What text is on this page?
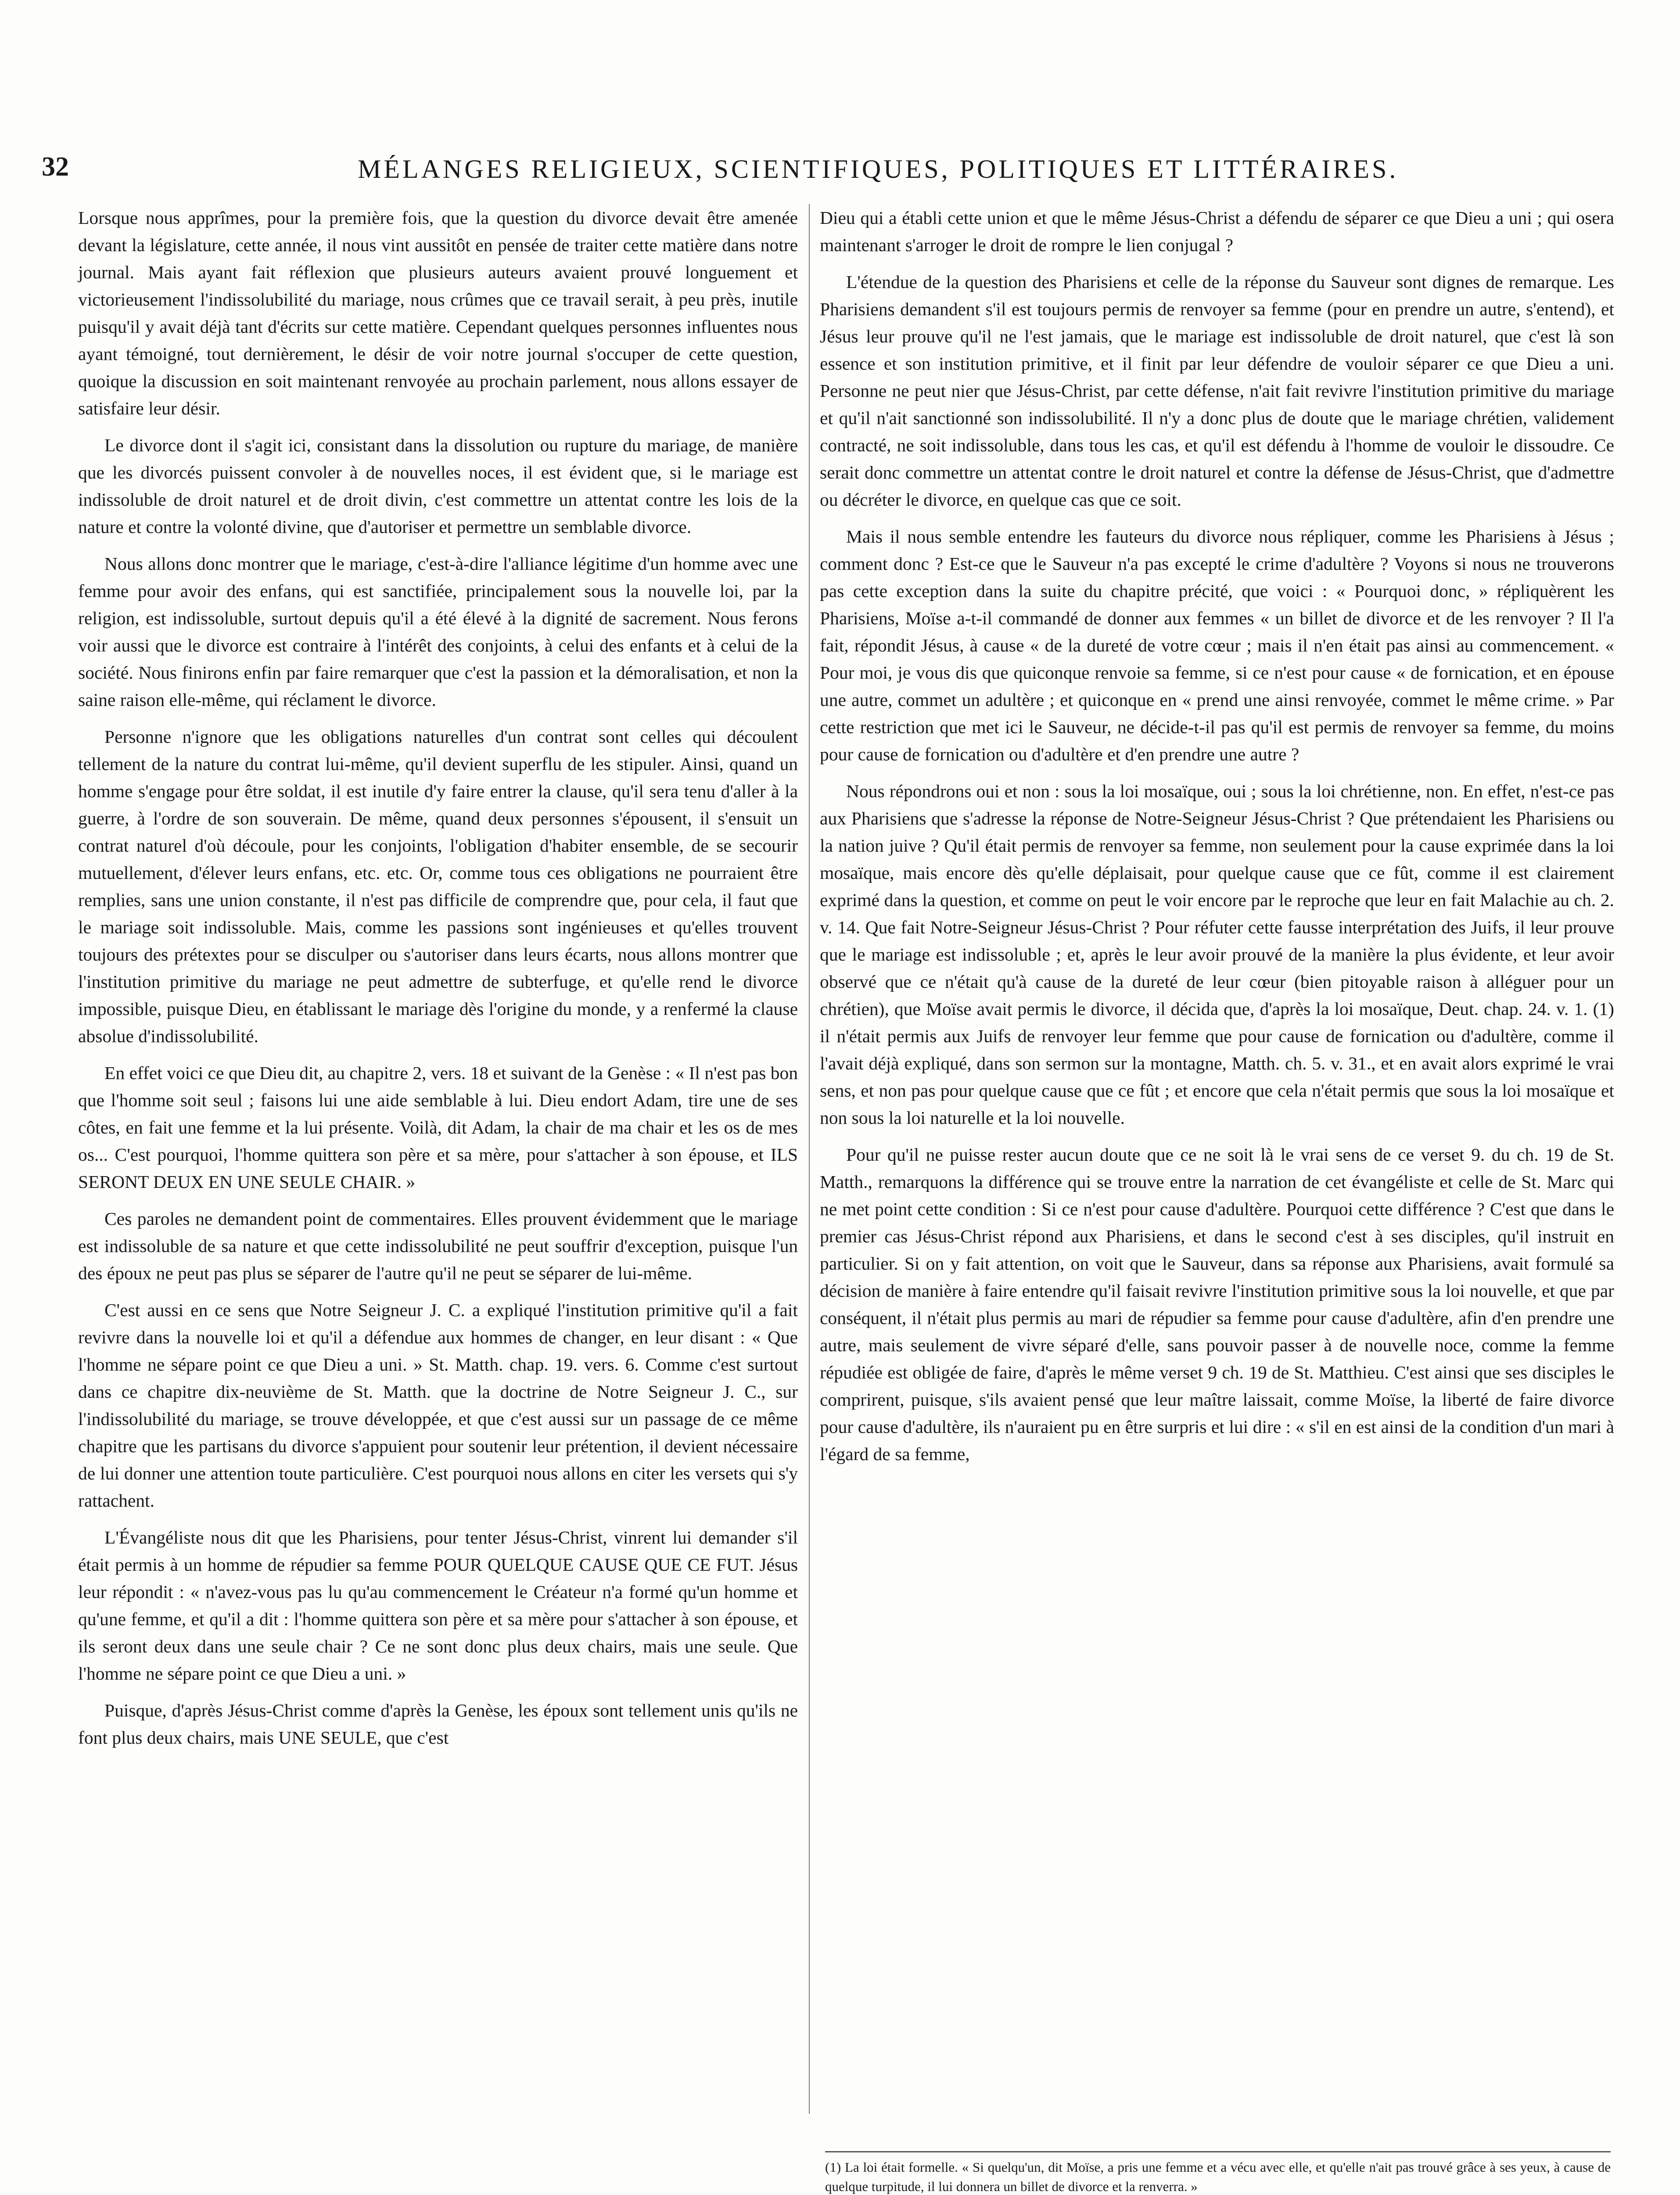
32	MÉLANGES RELIGIEUX, SCIENTIFIQUES, POLITIQUES ET LITTÉRAIRES.

Lorsque nous apprîmes, pour la première fois, que la question du divorce devait être amenée devant la législature, cette année, il nous vint aussitôt en pensée de traiter cette matière dans notre journal. Mais ayant fait réflexion que plusieurs auteurs avaient prouvé longuement et victorieusement l'indissolubilité du mariage, nous crûmes que ce travail serait, à peu près, inutile puisqu'il y avait déjà tant d'écrits sur cette matière. Cependant quelques personnes influentes nous ayant témoigné, tout dernièrement, le désir de voir notre journal s'occuper de cette question, quoique la discussion en soit maintenant renvoyée au prochain parlement, nous allons essayer de satisfaire leur désir.

Le divorce dont il s'agit ici, consistant dans la dissolution ou rupture du mariage, de manière que les divorcés puissent convoler à de nouvelles noces, il est évident que, si le mariage est indissoluble de droit naturel et de droit divin, c'est commettre un attentat contre les lois de la nature et contre la volonté divine, que d'autoriser et permettre un semblable divorce.

Nous allons donc montrer que le mariage, c'est-à-dire l'alliance légitime d'un homme avec une femme pour avoir des enfans, qui est sanctifiée, principalement sous la nouvelle loi, par la religion, est indissoluble, surtout depuis qu'il a été élevé à la dignité de sacrement. Nous ferons voir aussi que le divorce est contraire à l'intérêt des conjoints, à celui des enfants et à celui de la société. Nous finirons enfin par faire remarquer que c'est la passion et la démoralisation, et non la saine raison elle-même, qui réclament le divorce.

Personne n'ignore que les obligations naturelles d'un contrat sont celles qui découlent tellement de la nature du contrat lui-même, qu'il devient superflu de les stipuler. Ainsi, quand un homme s'engage pour être soldat, il est inutile d'y faire entrer la clause, qu'il sera tenu d'aller à la guerre, à l'ordre de son souverain. De même, quand deux personnes s'épousent, il s'ensuit un contrat naturel d'où découle, pour les conjoints, l'obligation d'habiter ensemble, de se secourir mutuellement, d'élever leurs enfans, etc. etc. Or, comme tous ces obligations ne pourraient être remplies, sans une union constante, il n'est pas difficile de comprendre que, pour cela, il faut que le mariage soit indissoluble. Mais, comme les passions sont ingénieuses et qu'elles trouvent toujours des prétextes pour se disculper ou s'autoriser dans leurs écarts, nous allons montrer que l'institution primitive du mariage ne peut admettre de subterfuge, et qu'elle rend le divorce impossible, puisque Dieu, en établissant le mariage dès l'origine du monde, y a renfermé la clause absolue d'indissolubilité.

En effet voici ce que Dieu dit, au chapitre 2, vers. 18 et suivant de la Genèse : « Il n'est pas bon que l'homme soit seul ; faisons lui une aide semblable à lui. Dieu endort Adam, tire une de ses côtes, en fait une femme et la lui présente. Voilà, dit Adam, la chair de ma chair et les os de mes os... C'est pourquoi, l'homme quittera son père et sa mère, pour s'attacher à son épouse, et ILS SERONT DEUX EN UNE SEULE CHAIR. »

Ces paroles ne demandent point de commentaires. Elles prouvent évidemment que le mariage est indissoluble de sa nature et que cette indissolubilité ne peut souffrir d'exception, puisque l'un des époux ne peut pas plus se séparer de l'autre qu'il ne peut se séparer de lui-même.

C'est aussi en ce sens que Notre Seigneur J. C. a expliqué l'institution primitive qu'il a fait revivre dans la nouvelle loi et qu'il a défendue aux hommes de changer, en leur disant : « Que l'homme ne sépare point ce que Dieu a uni. » St. Matth. chap. 19. vers. 6. Comme c'est surtout dans ce chapitre dix-neuvième de St. Matth. que la doctrine de Notre Seigneur J. C., sur l'indissolubilité du mariage, se trouve développée, et que c'est aussi sur un passage de ce même chapitre que les partisans du divorce s'appuient pour soutenir leur prétention, il devient nécessaire de lui donner une attention toute particulière. C'est pourquoi nous allons en citer les versets qui s'y rattachent.

L'Évangéliste nous dit que les Pharisiens, pour tenter Jésus-Christ, vinrent lui demander s'il était permis à un homme de répudier sa femme POUR QUELQUE CAUSE QUE CE FUT. Jésus leur répondit : « n'avez-vous pas lu qu'au commencement le Créateur n'a formé qu'un homme et qu'une femme, et qu'il a dit : l'homme quittera son père et sa mère pour s'attacher à son épouse, et ils seront deux dans une seule chair ? Ce ne sont donc plus deux chairs, mais une seule. Que l'homme ne sépare point ce que Dieu a uni. »

Puisque, d'après Jésus-Christ comme d'après la Genèse, les époux sont tellement unis qu'ils ne font plus deux chairs, mais UNE SEULE, que c'est

Dieu qui a établi cette union et que le même Jésus-Christ a défendu de séparer ce que Dieu a uni ; qui osera maintenant s'arroger le droit de rompre le lien conjugal ?

L'étendue de la question des Pharisiens et celle de la réponse du Sauveur sont dignes de remarque. Les Pharisiens demandent s'il est toujours permis de renvoyer sa femme (pour en prendre un autre, s'entend), et Jésus leur prouve qu'il ne l'est jamais, que le mariage est indissoluble de droit naturel, que c'est là son essence et son institution primitive, et il finit par leur défendre de vouloir séparer ce que Dieu a uni. Personne ne peut nier que Jésus-Christ, par cette défense, n'ait fait revivre l'institution primitive du mariage et qu'il n'ait sanctionné son indissolubilité. Il n'y a donc plus de doute que le mariage chrétien, validement contracté, ne soit indissoluble, dans tous les cas, et qu'il est défendu à l'homme de vouloir le dissoudre. Ce serait donc commettre un attentat contre le droit naturel et contre la défense de Jésus-Christ, que d'admettre ou décréter le divorce, en quelque cas que ce soit.

Mais il nous semble entendre les fauteurs du divorce nous répliquer, comme les Pharisiens à Jésus ; comment donc ? Est-ce que le Sauveur n'a pas excepté le crime d'adultère ? Voyons si nous ne trouverons pas cette exception dans la suite du chapitre précité, que voici : « Pourquoi donc, » répliquèrent les Pharisiens, Moïse a-t-il commandé de donner aux femmes « un billet de divorce et de les renvoyer ? Il l'a fait, répondit Jésus, à cause « de la dureté de votre cœur ; mais il n'en était pas ainsi au commencement. « Pour moi, je vous dis que quiconque renvoie sa femme, si ce n'est pour cause « de fornication, et en épouse une autre, commet un adultère ; et quiconque en « prend une ainsi renvoyée, commet le même crime. » Par cette restriction que met ici le Sauveur, ne décide-t-il pas qu'il est permis de renvoyer sa femme, du moins pour cause de fornication ou d'adultère et d'en prendre une autre ?

Nous répondrons oui et non : sous la loi mosaïque, oui ; sous la loi chrétienne, non. En effet, n'est-ce pas aux Pharisiens que s'adresse la réponse de Notre-Seigneur Jésus-Christ ? Que prétendaient les Pharisiens ou la nation juive ? Qu'il était permis de renvoyer sa femme, non seulement pour la cause exprimée dans la loi mosaïque, mais encore dès qu'elle déplaisait, pour quelque cause que ce fût, comme il est clairement exprimé dans la question, et comme on peut le voir encore par le reproche que leur en fait Malachie au ch. 2. v. 14. Que fait Notre-Seigneur Jésus-Christ ? Pour réfuter cette fausse interprétation des Juifs, il leur prouve que le mariage est indissoluble ; et, après le leur avoir prouvé de la manière la plus évidente, et leur avoir observé que ce n'était qu'à cause de la dureté de leur cœur (bien pitoyable raison à alléguer pour un chrétien), que Moïse avait permis le divorce, il décida que, d'après la loi mosaïque, Deut. chap. 24. v. 1. (1) il n'était permis aux Juifs de renvoyer leur femme que pour cause de fornication ou d'adultère, comme il l'avait déjà expliqué, dans son sermon sur la montagne, Matth. ch. 5. v. 31., et en avait alors exprimé le vrai sens, et non pas pour quelque cause que ce fût ; et encore que cela n'était permis que sous la loi mosaïque et non sous la loi naturelle et la loi nouvelle.

Pour qu'il ne puisse rester aucun doute que ce ne soit là le vrai sens de ce verset 9. du ch. 19 de St. Matth., remarquons la différence qui se trouve entre la narration de cet évangéliste et celle de St. Marc qui ne met point cette condition : Si ce n'est pour cause d'adultère. Pourquoi cette différence ? C'est que dans le premier cas Jésus-Christ répond aux Pharisiens, et dans le second c'est à ses disciples, qu'il instruit en particulier. Si on y fait attention, on voit que le Sauveur, dans sa réponse aux Pharisiens, avait formulé sa décision de manière à faire entendre qu'il faisait revivre l'institution primitive sous la loi nouvelle, et que par conséquent, il n'était plus permis au mari de répudier sa femme pour cause d'adultère, afin d'en prendre une autre, mais seulement de vivre séparé d'elle, sans pouvoir passer à de nouvelle noce, comme la femme répudiée est obligée de faire, d'après le même verset 9 ch. 19 de St. Matthieu. C'est ainsi que ses disciples le comprirent, puisque, s'ils avaient pensé que leur maître laissait, comme Moïse, la liberté de faire divorce pour cause d'adultère, ils n'auraient pu en être surpris et lui dire : « s'il en est ainsi de la condition d'un mari à l'égard de sa femme,

(1) La loi était formelle. « Si quelqu'un, dit Moïse, a pris une femme et a vécu avec elle, et qu'elle n'ait pas trouvé grâce à ses yeux, à cause de quelque turpitude, il lui donnera un billet de divorce et la renverra. »
